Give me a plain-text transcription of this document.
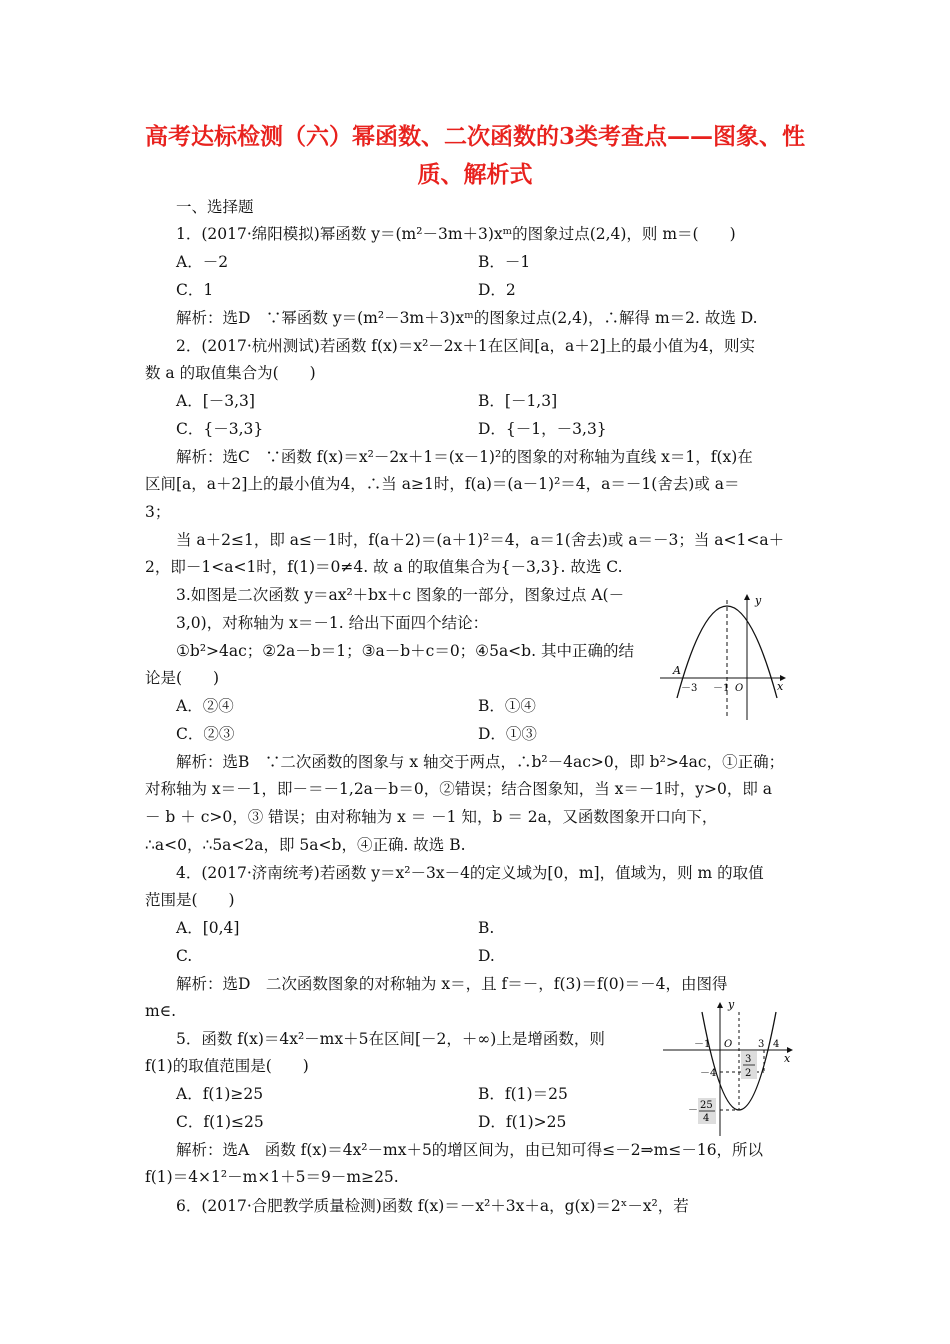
高考达标检测（六）幂函数、二次函数的3类考查点——图象、性
质、解析式
一、选择题
1．(2017·绵阳模拟)幂函数 y＝(m²－3m＋3)xᵐ的图象过点(2,4)，则 m＝(　　)
A．－2	B．－1
C．1	D．2
解析：选D　∵幂函数 y＝(m²－3m＋3)xᵐ的图象过点(2,4)，∴解得 m＝2. 故选 D.
2．(2017·杭州测试)若函数 f(x)＝x²－2x＋1在区间[a，a＋2]上的最小值为4，则实
数 a 的取值集合为(　　)
A．[－3,3]	B．[－1,3]
C．{－3,3}	D．{－1，－3,3}
解析：选C　∵函数 f(x)＝x²－2x＋1＝(x－1)²的图象的对称轴为直线 x＝1，f(x)在
区间[a，a＋2]上的最小值为4，∴当 a≥1时，f(a)＝(a－1)²＝4，a＝－1(舍去)或 a＝
3；
当 a＋2≤1，即 a≤－1时，f(a＋2)＝(a＋1)²＝4，a＝1(舍去)或 a＝－3；当 a<1<a＋
2，即－1<a<1时，f(1)＝0≠4. 故 a 的取值集合为{－3,3}. 故选 C.
3.如图是二次函数 y＝ax²＋bx＋c 图象的一部分，图象过点 A(－
3,0)，对称轴为 x＝－1. 给出下面四个结论：
①b²>4ac；②2a－b＝1；③a－b＋c＝0；④5a<b. 其中正确的结
论是(　　)
A．②④	B．①④
C．②③	D．①③
解析：选B　∵二次函数的图象与 x 轴交于两点，∴b²－4ac>0，即 b²>4ac，①正确；
对称轴为 x＝－1，即－＝－1,2a－b＝0，②错误；结合图象知，当 x＝－1时，y>0，即 a
－ b ＋ c>0，③ 错误；由对称轴为 x ＝ －1 知，b ＝ 2a，又函数图象开口向下，
∴a<0，∴5a<2a，即 5a<b，④正确. 故选 B.
y
x
A
－3 －1 O
4．(2017·济南统考)若函数 y＝x²－3x－4的定义域为[0，m]，值域为，则 m 的取值
范围是(　　)
A．[0,4]	B.
C.	D.
解析：选D　二次函数图象的对称轴为 x＝，且 f＝－，f(3)＝f(0)＝－4，由图得
m∈.
5．函数 f(x)＝4x²－mx＋5在区间[－2，＋∞)上是增函数，则
f(1)的取值范围是(　　)
A．f(1)≥25	B．f(1)＝25
C．f(1)≤25	D．f(1)>25
解析：选A　函数 f(x)＝4x²－mx＋5的增区间为，由已知可得≤－2⇒m≤－16，所以
f(1)＝4×1²－m×1＋5＝9－m≥25.
y
x
－1 O	3 4
3
2
－4
－ 25
4
6．(2017·合肥教学质量检测)函数 f(x)＝－x²＋3x＋a，g(x)＝2ˣ－x²，若
